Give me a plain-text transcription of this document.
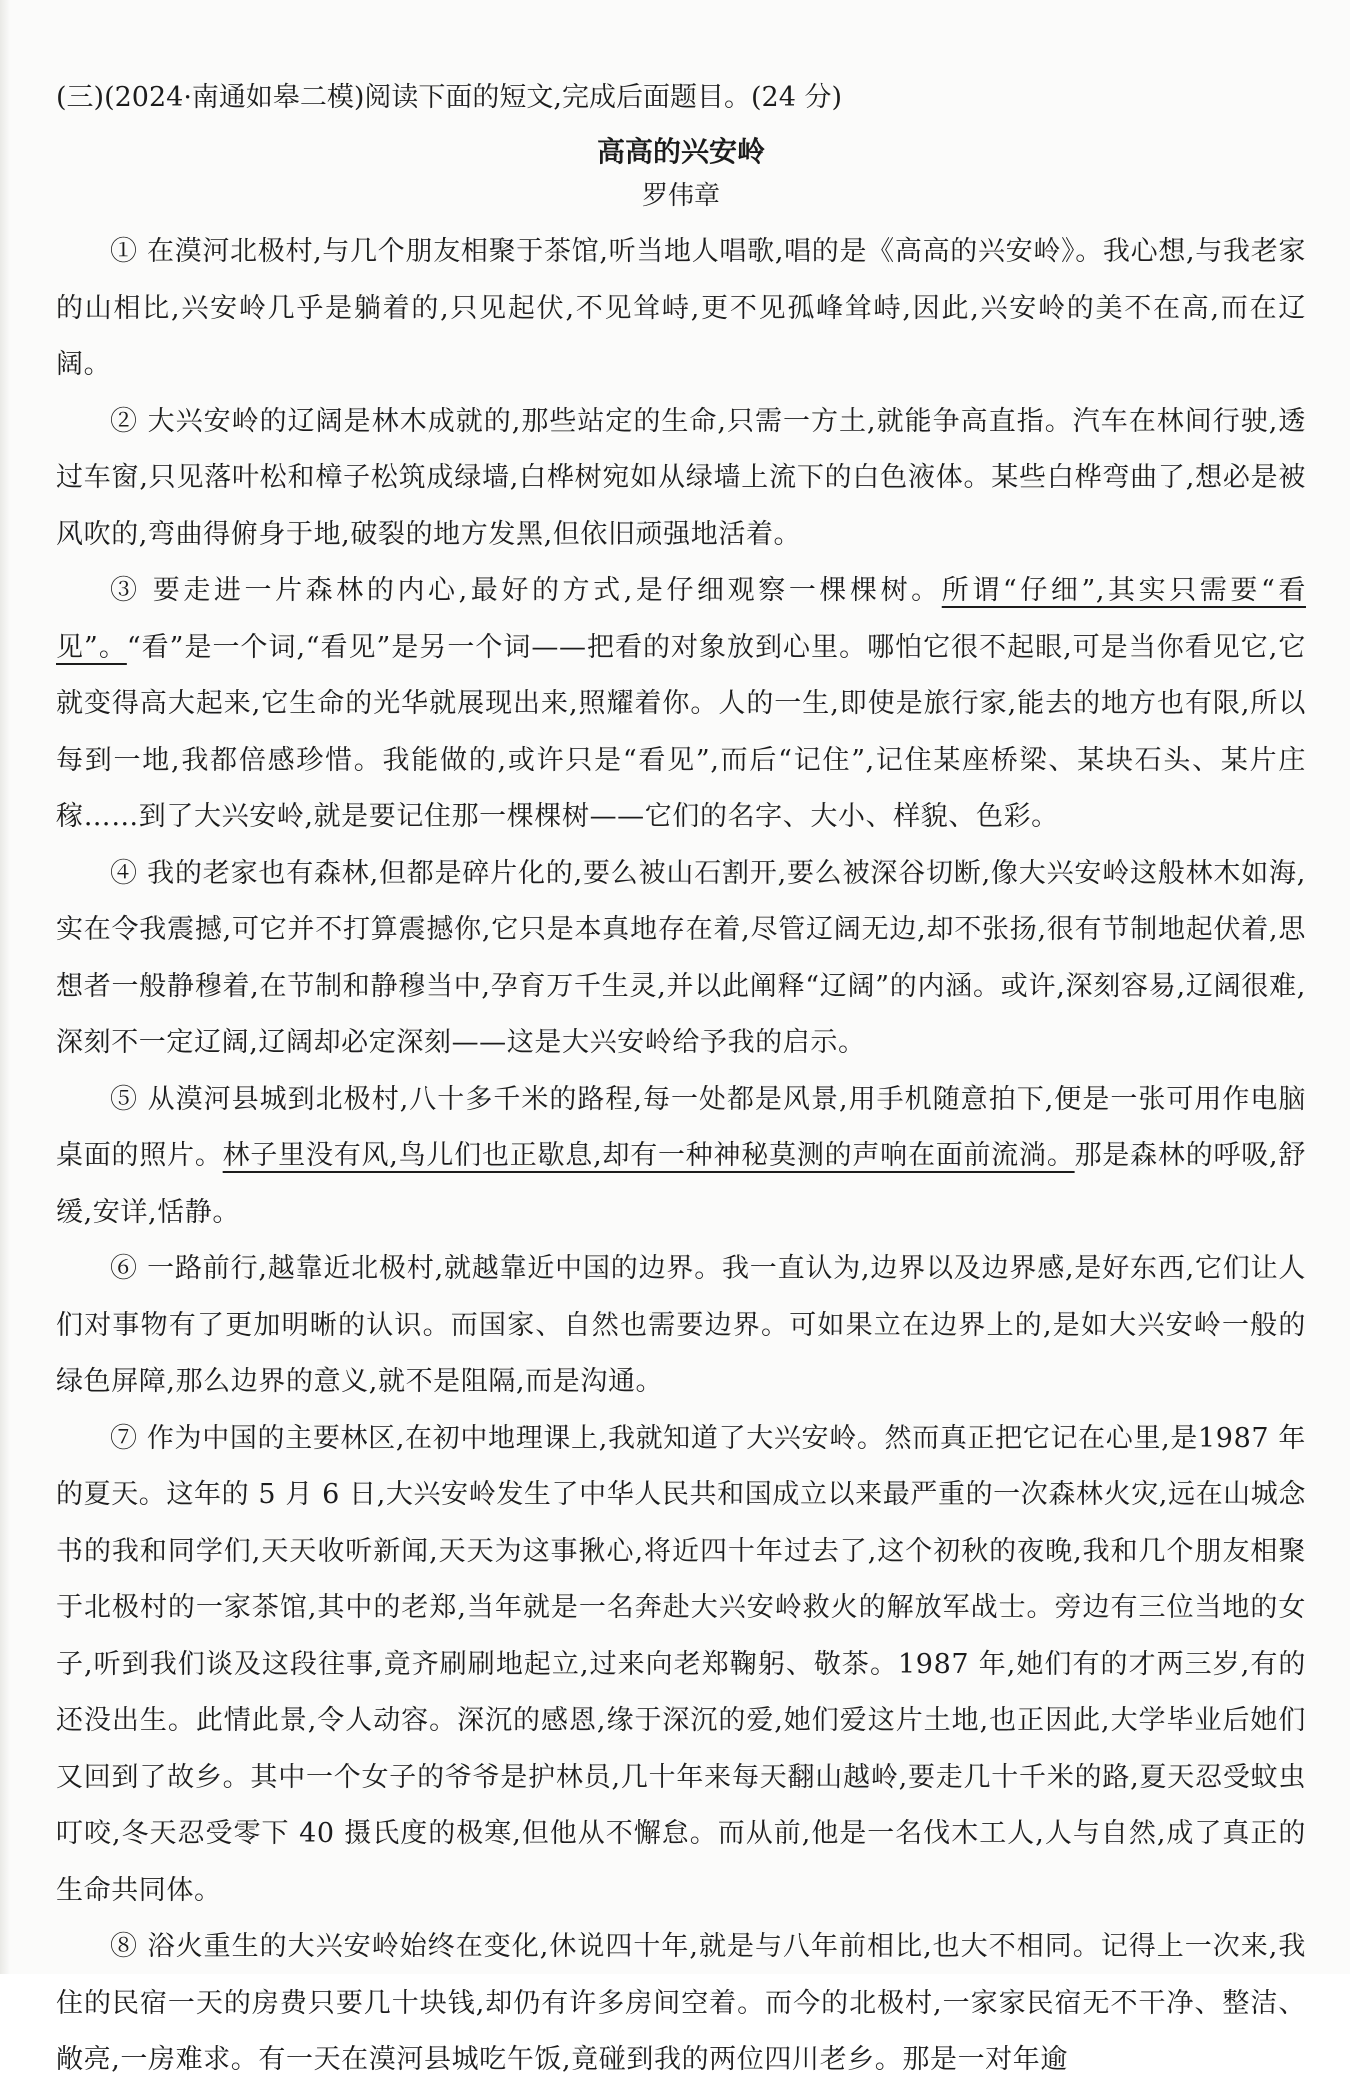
(三)(2024·南通如皋二模)阅读下面的短文,完成后面题目。(24 分)
高高的兴安岭
罗伟章
① 在漠河北极村,与几个朋友相聚于茶馆,听当地人唱歌,唱的是《高高的兴安岭》。我心想,与我老家的山相比,兴安岭几乎是躺着的,只见起伏,不见耸峙,更不见孤峰耸峙,因此,兴安岭的美不在高,而在辽阔。
② 大兴安岭的辽阔是林木成就的,那些站定的生命,只需一方土,就能争高直指。汽车在林间行驶,透过车窗,只见落叶松和樟子松筑成绿墙,白桦树宛如从绿墙上流下的白色液体。某些白桦弯曲了,想必是被风吹的,弯曲得俯身于地,破裂的地方发黑,但依旧顽强地活着。
③ 要走进一片森林的内心,最好的方式,是仔细观察一棵棵树。所谓“仔细”,其实只需要“看见”。“看”是一个词,“看见”是另一个词——把看的对象放到心里。哪怕它很不起眼,可是当你看见它,它就变得高大起来,它生命的光华就展现出来,照耀着你。人的一生,即使是旅行家,能去的地方也有限,所以每到一地,我都倍感珍惜。我能做的,或许只是“看见”,而后“记住”,记住某座桥梁、某块石头、某片庄稼……到了大兴安岭,就是要记住那一棵棵树——它们的名字、大小、样貌、色彩。
④ 我的老家也有森林,但都是碎片化的,要么被山石割开,要么被深谷切断,像大兴安岭这般林木如海,实在令我震撼,可它并不打算震撼你,它只是本真地存在着,尽管辽阔无边,却不张扬,很有节制地起伏着,思想者一般静穆着,在节制和静穆当中,孕育万千生灵,并以此阐释“辽阔”的内涵。或许,深刻容易,辽阔很难,深刻不一定辽阔,辽阔却必定深刻——这是大兴安岭给予我的启示。
⑤ 从漠河县城到北极村,八十多千米的路程,每一处都是风景,用手机随意拍下,便是一张可用作电脑桌面的照片。林子里没有风,鸟儿们也正歇息,却有一种神秘莫测的声响在面前流淌。那是森林的呼吸,舒缓,安详,恬静。
⑥ 一路前行,越靠近北极村,就越靠近中国的边界。我一直认为,边界以及边界感,是好东西,它们让人们对事物有了更加明晰的认识。而国家、自然也需要边界。可如果立在边界上的,是如大兴安岭一般的绿色屏障,那么边界的意义,就不是阻隔,而是沟通。
⑦ 作为中国的主要林区,在初中地理课上,我就知道了大兴安岭。然而真正把它记在心里,是1987 年的夏天。这年的 5 月 6 日,大兴安岭发生了中华人民共和国成立以来最严重的一次森林火灾,远在山城念书的我和同学们,天天收听新闻,天天为这事揪心,将近四十年过去了,这个初秋的夜晚,我和几个朋友相聚于北极村的一家茶馆,其中的老郑,当年就是一名奔赴大兴安岭救火的解放军战士。旁边有三位当地的女子,听到我们谈及这段往事,竟齐刷刷地起立,过来向老郑鞠躬、敬茶。1987 年,她们有的才两三岁,有的还没出生。此情此景,令人动容。深沉的感恩,缘于深沉的爱,她们爱这片土地,也正因此,大学毕业后她们又回到了故乡。其中一个女子的爷爷是护林员,几十年来每天翻山越岭,要走几十千米的路,夏天忍受蚊虫叮咬,冬天忍受零下 40 摄氏度的极寒,但他从不懈怠。而从前,他是一名伐木工人,人与自然,成了真正的生命共同体。
⑧ 浴火重生的大兴安岭始终在变化,休说四十年,就是与八年前相比,也大不相同。记得上一次来,我住的民宿一天的房费只要几十块钱,却仍有许多房间空着。而今的北极村,一家家民宿无不干净、整洁、敞亮,一房难求。有一天在漠河县城吃午饭,竟碰到我的两位四川老乡。那是一对年逾
